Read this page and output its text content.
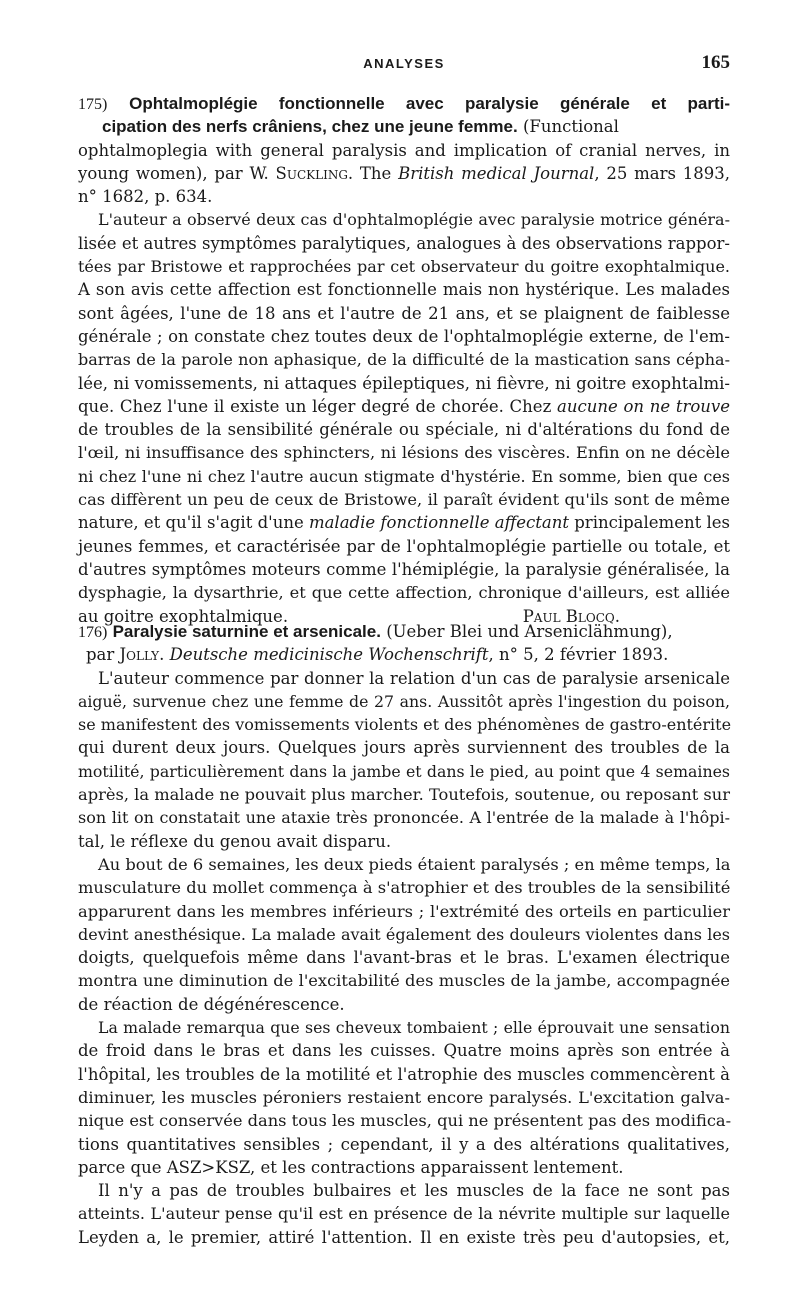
ANALYSES	165
175) Ophtalmoplégie fonctionnelle avec paralysie générale et parti-
cipation des nerfs crâniens, chez une jeune femme. (Functional
ophtalmoplegia with general paralysis and implication of cranial nerves, in
young women), par W. Suckling. The British medical Journal, 25 mars 1893,
n° 1682, p. 634.
L'auteur a observé deux cas d'ophtalmoplégie avec paralysie motrice généra-
lisée et autres symptômes paralytiques, analogues à des observations rappor-
tées par Bristowe et rapprochées par cet observateur du goitre exophtalmique.
A son avis cette affection est fonctionnelle mais non hystérique. Les malades
sont âgées, l'une de 18 ans et l'autre de 21 ans, et se plaignent de faiblesse
générale ; on constate chez toutes deux de l'ophtalmoplégie externe, de l'em-
barras de la parole non aphasique, de la difficulté de la mastication sans cépha-
lée, ni vomissements, ni attaques épileptiques, ni fièvre, ni goitre exophtalmi-
que. Chez l'une il existe un léger degré de chorée. Chez aucune on ne trouve
de troubles de la sensibilité générale ou spéciale, ni d'altérations du fond de
l'œil, ni insuffisance des sphincters, ni lésions des viscères. Enfin on ne décèle
ni chez l'une ni chez l'autre aucun stigmate d'hystérie. En somme, bien que ces
cas diffèrent un peu de ceux de Bristowe, il paraît évident qu'ils sont de même
nature, et qu'il s'agit d'une maladie fonctionnelle affectant principalement les
jeunes femmes, et caractérisée par de l'ophtalmoplégie partielle ou totale, et
d'autres symptômes moteurs comme l'hémiplégie, la paralysie généralisée, la
dysphagie, la dysarthrie, et que cette affection, chronique d'ailleurs, est alliée
au goitre exophtalmique.	Paul Blocq.
176) Paralysie saturnine et arsenicale. (Ueber Blei und Arseniclähmung),
par Jolly. Deutsche medicinische Wochenschrift, n° 5, 2 février 1893.
L'auteur commence par donner la relation d'un cas de paralysie arsenicale
aiguë, survenue chez une femme de 27 ans. Aussitôt après l'ingestion du poison,
se manifestent des vomissements violents et des phénomènes de gastro-entérite
qui durent deux jours. Quelques jours après surviennent des troubles de la
motilité, particulièrement dans la jambe et dans le pied, au point que 4 semaines
après, la malade ne pouvait plus marcher. Toutefois, soutenue, ou reposant sur
son lit on constatait une ataxie très prononcée. A l'entrée de la malade à l'hôpi-
tal, le réflexe du genou avait disparu.
Au bout de 6 semaines, les deux pieds étaient paralysés ; en même temps, la
musculature du mollet commença à s'atrophier et des troubles de la sensibilité
apparurent dans les membres inférieurs ; l'extrémité des orteils en particulier
devint anesthésique. La malade avait également des douleurs violentes dans les
doigts, quelquefois même dans l'avant-bras et le bras. L'examen électrique
montra une diminution de l'excitabilité des muscles de la jambe, accompagnée
de réaction de dégénérescence.
La malade remarqua que ses cheveux tombaient ; elle éprouvait une sensation
de froid dans le bras et dans les cuisses. Quatre moins après son entrée à
l'hôpital, les troubles de la motilité et l'atrophie des muscles commencèrent à
diminuer, les muscles péroniers restaient encore paralysés. L'excitation galva-
nique est conservée dans tous les muscles, qui ne présentent pas des modifica-
tions quantitatives sensibles ; cependant, il y a des altérations qualitatives,
parce que ASZ>KSZ, et les contractions apparaissent lentement.
Il n'y a pas de troubles bulbaires et les muscles de la face ne sont pas
atteints. L'auteur pense qu'il est en présence de la névrite multiple sur laquelle
Leyden a, le premier, attiré l'attention. Il en existe très peu d'autopsies, et,
